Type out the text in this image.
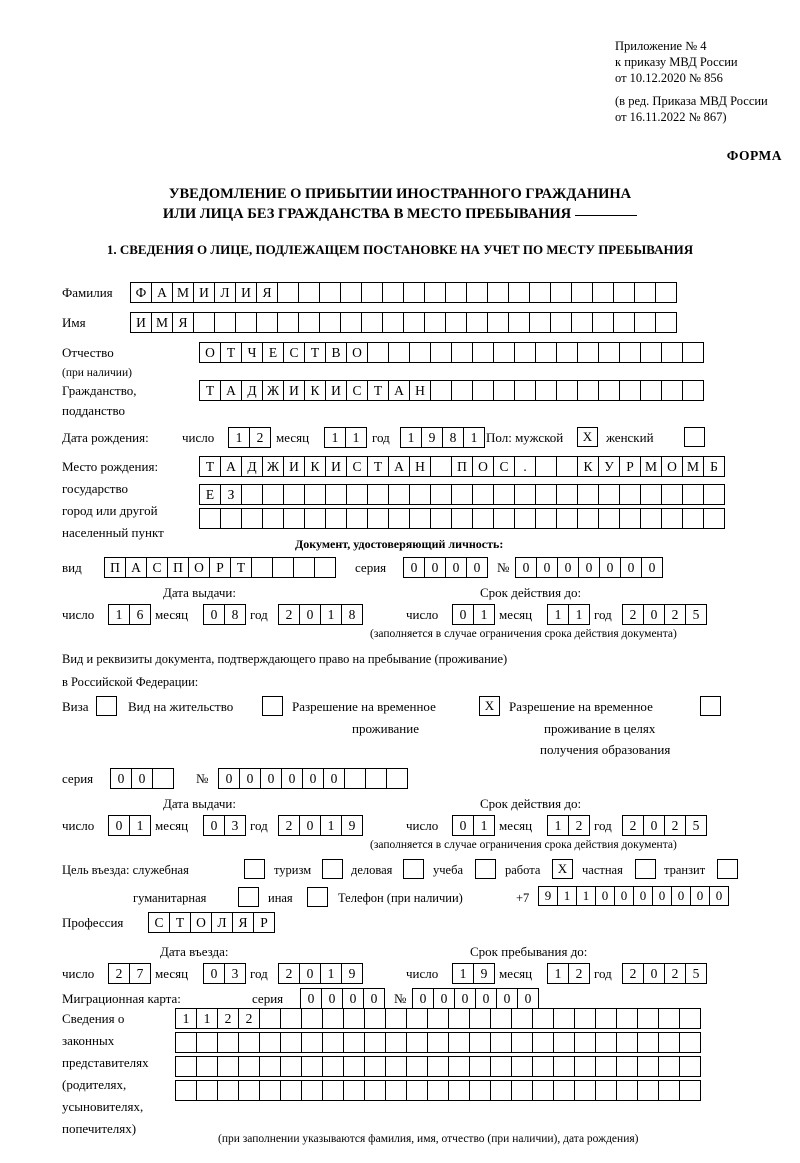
Приложение № 4
к приказу МВД России
от 10.12.2020 № 856
(в ред. Приказа МВД России
от 16.11.2022 № 867)
ФОРМА
УВЕДОМЛЕНИЕ О ПРИБЫТИИ ИНОСТРАННОГО ГРАЖДАНИНА
ИЛИ ЛИЦА БЕЗ ГРАЖДАНСТВА В МЕСТО ПРЕБЫВАНИЯ
1. СВЕДЕНИЯ О ЛИЦЕ, ПОДЛЕЖАЩЕМ ПОСТАНОВКЕ НА УЧЕТ ПО МЕСТУ ПРЕБЫВАНИЯ
Фамилия	Ф А М И Л И Я
Имя	И М Я
Отчество
(при наличии)
О Т Ч Е С Т В О
Гражданство,
подданство
Т А Д Ж И К И С Т А Н
Дата рождения:	число	1	2 месяц	1	1 год	1	9	8	1 Пол: мужской	Х	женский
Место рождения:
государство
Т А Д Ж И К И С Т А Н	П О С	.	К У Р М О М Б
город или другой
населенный пункт
Е З
Документ, удостоверяющий личность:
вид	П А С П О Р Т	серия	0	0	0	0	№ 0	0	0	0	0	0	0
Дата выдачи:	Срок действия до:
число	1	6 месяц	0	8 год	2	0	1	8	число	0	1 месяц	1	1 год	2	0	2	5
(заполняется в случае ограничения срока действия документа)
Вид и реквизиты документа, подтверждающего право на пребывание (проживание)
в Российской Федерации:
Виза	Вид на жительство	Разрешение на временное
проживание
Х	Разрешение на временное
проживание в целях
получения образования
серия	0	0	№	0	0	0	0	0	0
Дата выдачи:	Срок действия до:
число	0	1 месяц	0	3 год	2	0	1	9	число	0	1 месяц	1	2 год	2	0	2	5
(заполняется в случае ограничения срока действия документа)
Цель въезда: служебная	туризм	деловая	учеба	работа	Х	частная	транзит
гуманитарная	иная	Телефон (при наличии)	+7	9 1 1 0 0 0 0 0 0 0
Профессия	С Т О Л Я Р
Дата въезда:	Срок пребывания до:
число	2	7 месяц	0	3 год	2	0	1	9	число	1	9 месяц	1	2 год	2	0	2	5
Миграционная карта:	серия	0	0	0	0	№ 0	0	0	0	0	0
Сведения о
законных
представителях
(родителях,
усыновителях,
попечителях)
1	1	2	2
(при заполнении указываются фамилия, имя, отчество (при наличии), дата рождения)
